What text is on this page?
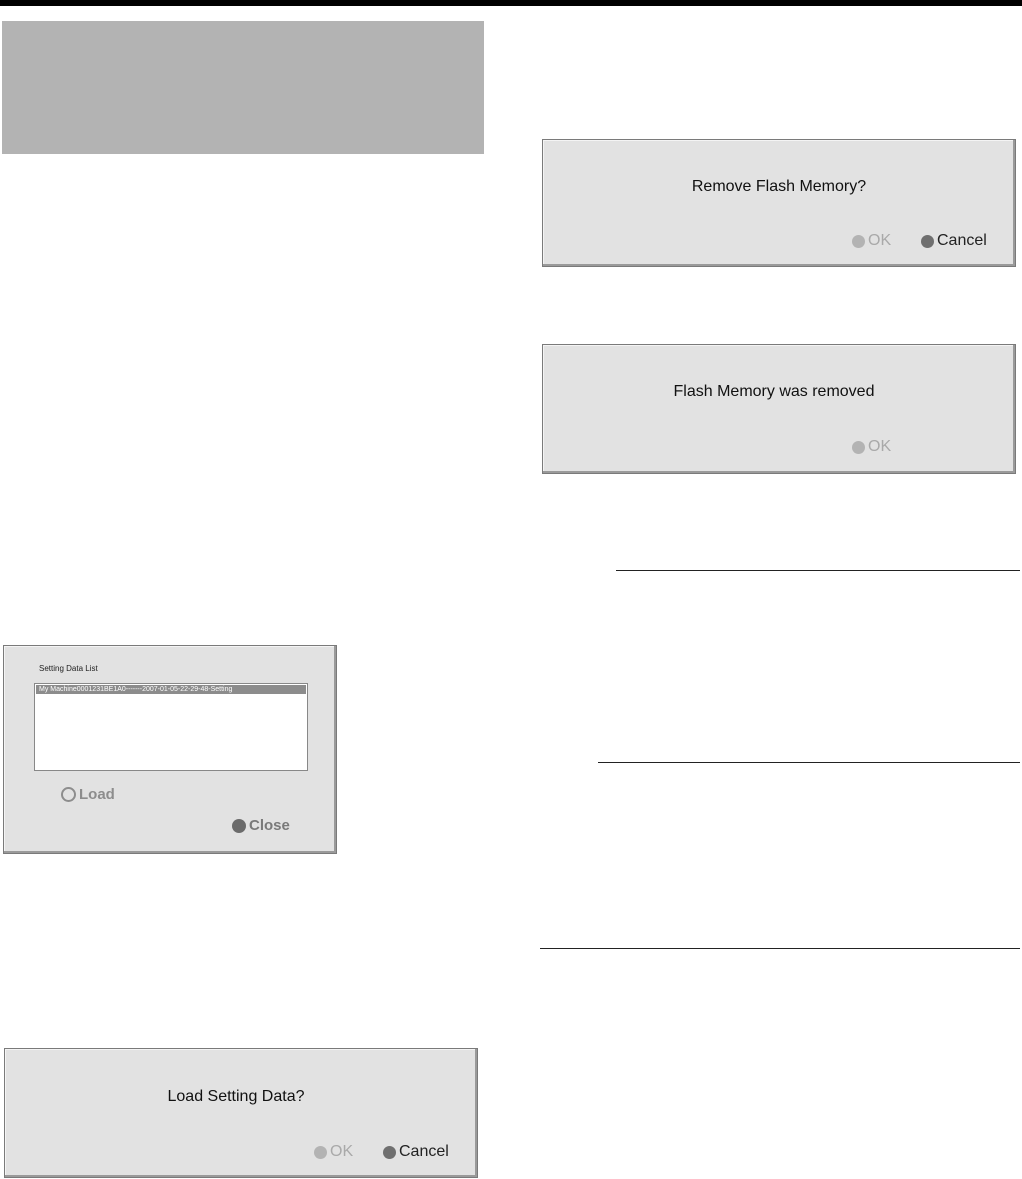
Remove Flash Memory?
OK	Cancel
Flash Memory was removed
OK
Setting Data List
My Machine0001231BE1A0-------2007-01-05-22-29-48-Setting
Load
Close
Load Setting Data?
OK	Cancel
